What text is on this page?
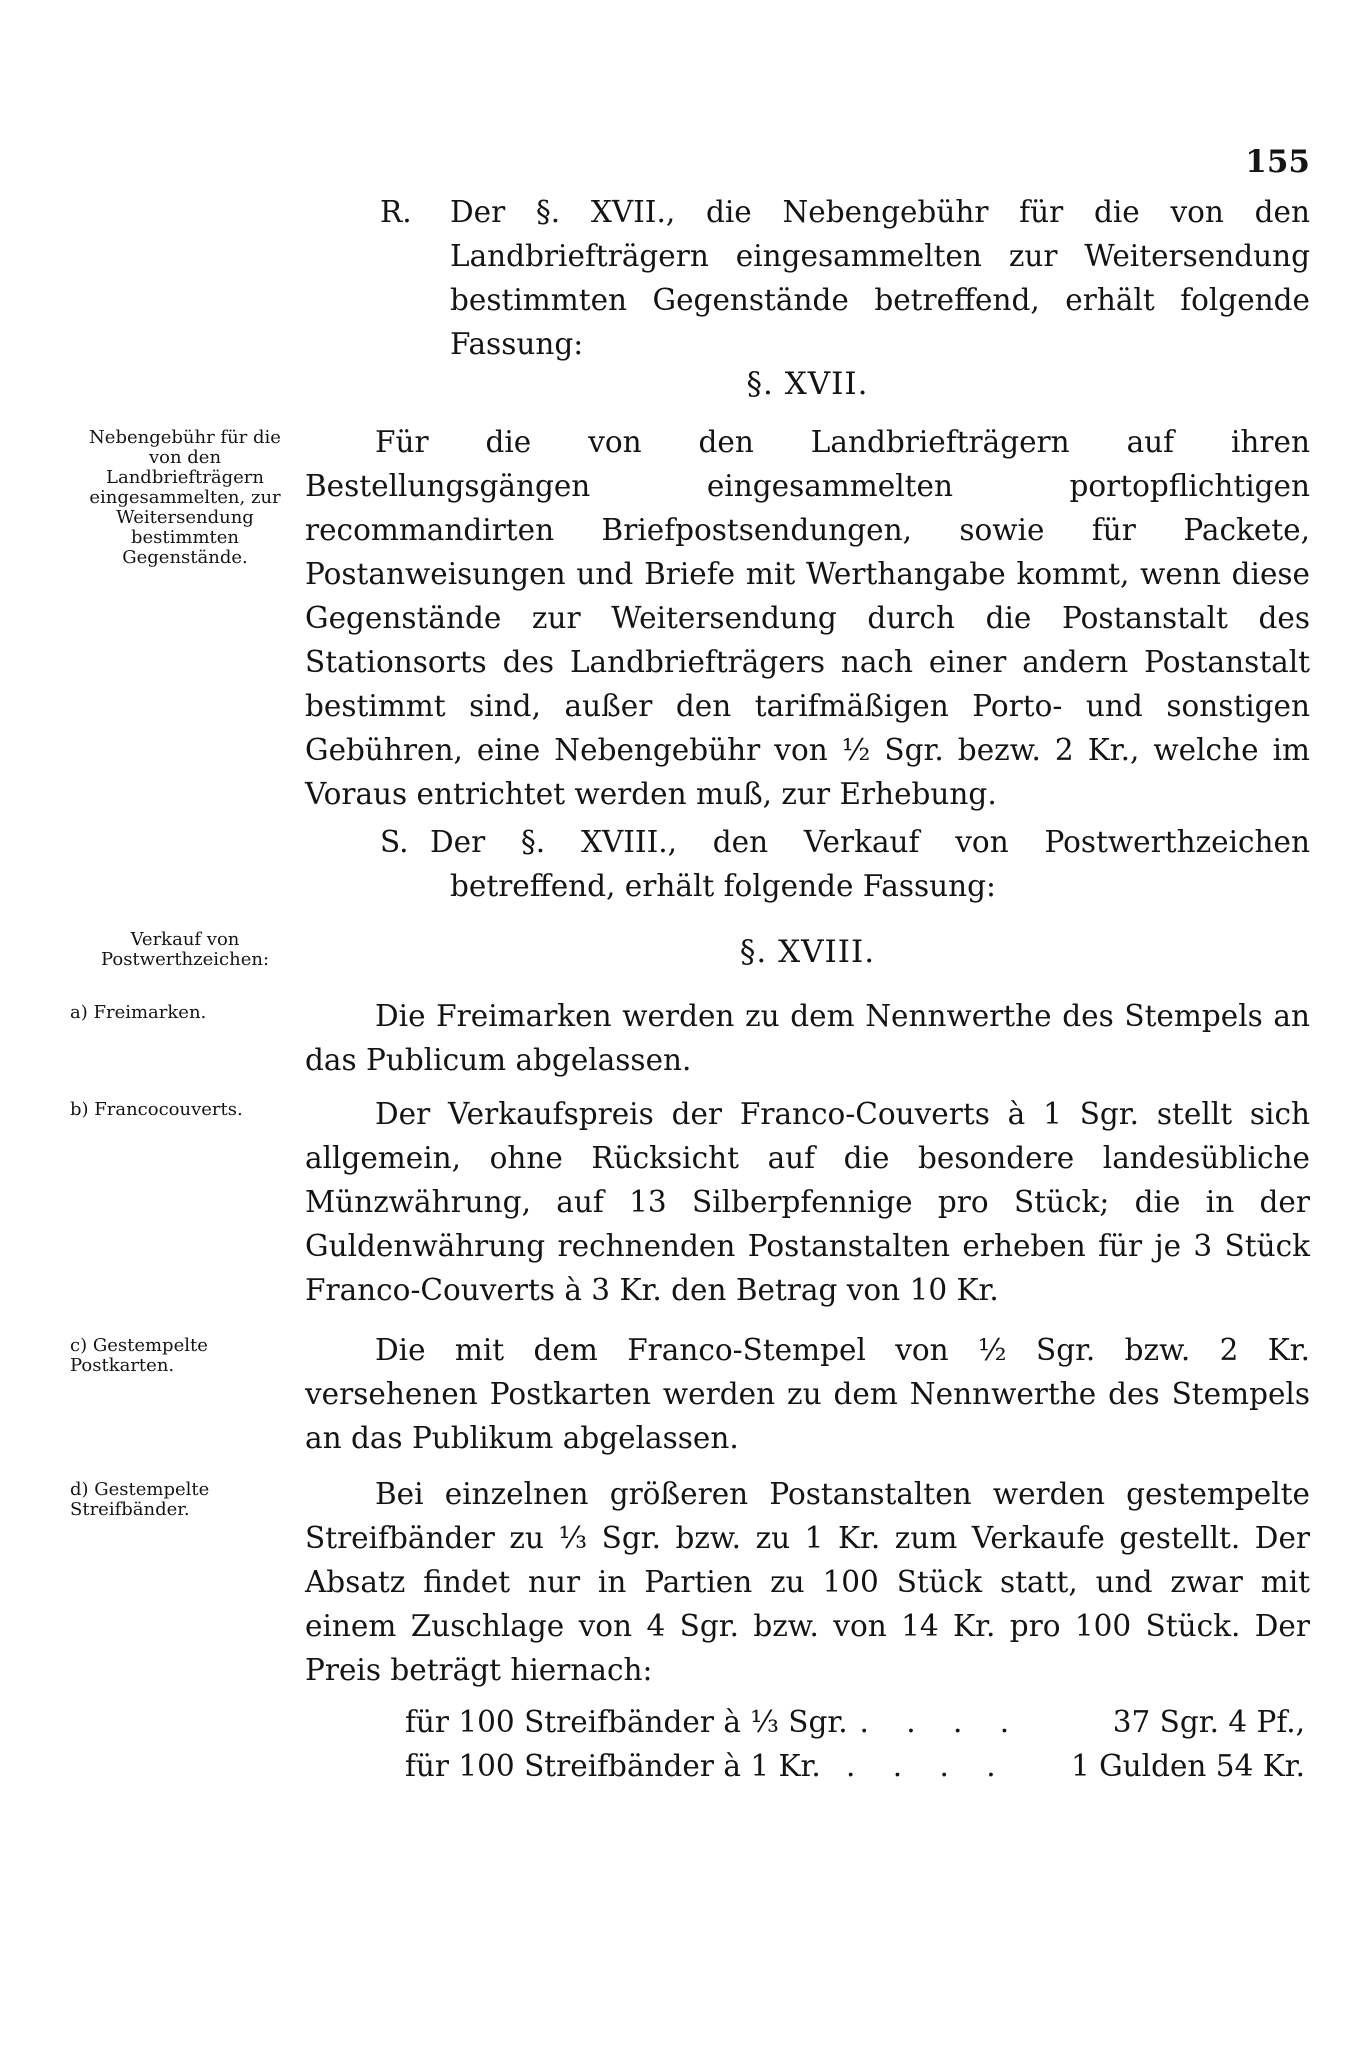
155

R. Der §. XVII., die Nebengebühr für die von den Landbriefträgern eingesammelten zur Weitersendung bestimmten Gegenstände betreffend, erhält folgende Fassung:

§. XVII.

Nebengebühr für die von den Landbriefträgern eingesammelten, zur Weitersendung bestimmten Gegenstände.

Für die von den Landbriefträgern auf ihren Bestellungsgängen eingesammelten portopflichtigen recommandirten Briefpostsendungen, sowie für Packete, Postanweisungen und Briefe mit Werthangabe kommt, wenn diese Gegenstände zur Weitersendung durch die Postanstalt des Stationsorts des Landbriefträgers nach einer andern Postanstalt bestimmt sind, außer den tarifmäßigen Porto- und sonstigen Gebühren, eine Nebengebühr von ½ Sgr. bezw. 2 Kr., welche im Voraus entrichtet werden muß, zur Erhebung.

S. Der §. XVIII., den Verkauf von Postwerthzeichen betreffend, erhält folgende Fassung:

Verkauf von Postwerthzeichen:	§. XVIII.

a) Freimarken.	Die Freimarken werden zu dem Nennwerthe des Stempels an das Publicum abgelassen.

b) Francocouverts.	Der Verkaufspreis der Franco-Couverts à 1 Sgr. stellt sich allgemein, ohne Rücksicht auf die besondere landesübliche Münzwährung, auf 13 Silberpfennige pro Stück; die in der Guldenwährung rechnenden Postanstalten erheben für je 3 Stück Franco-Couverts à 3 Kr. den Betrag von 10 Kr.

c) Gestempelte Postkarten.	Die mit dem Franco-Stempel von ½ Sgr. bzw. 2 Kr. versehenen Postkarten werden zu dem Nennwerthe des Stempels an das Publikum abgelassen.

d) Gestempelte Streifbänder.	Bei einzelnen größeren Postanstalten werden gestempelte Streifbänder zu ⅓ Sgr. bzw. zu 1 Kr. zum Verkaufe gestellt. Der Absatz findet nur in Partien zu 100 Stück statt, und zwar mit einem Zuschlage von 4 Sgr. bzw. von 14 Kr. pro 100 Stück. Der Preis beträgt hiernach:

für 100 Streifbänder à ⅓ Sgr. . . . .	37 Sgr. 4 Pf.,
für 100 Streifbänder à 1 Kr. . . . .	1 Gulden 54 Kr.
